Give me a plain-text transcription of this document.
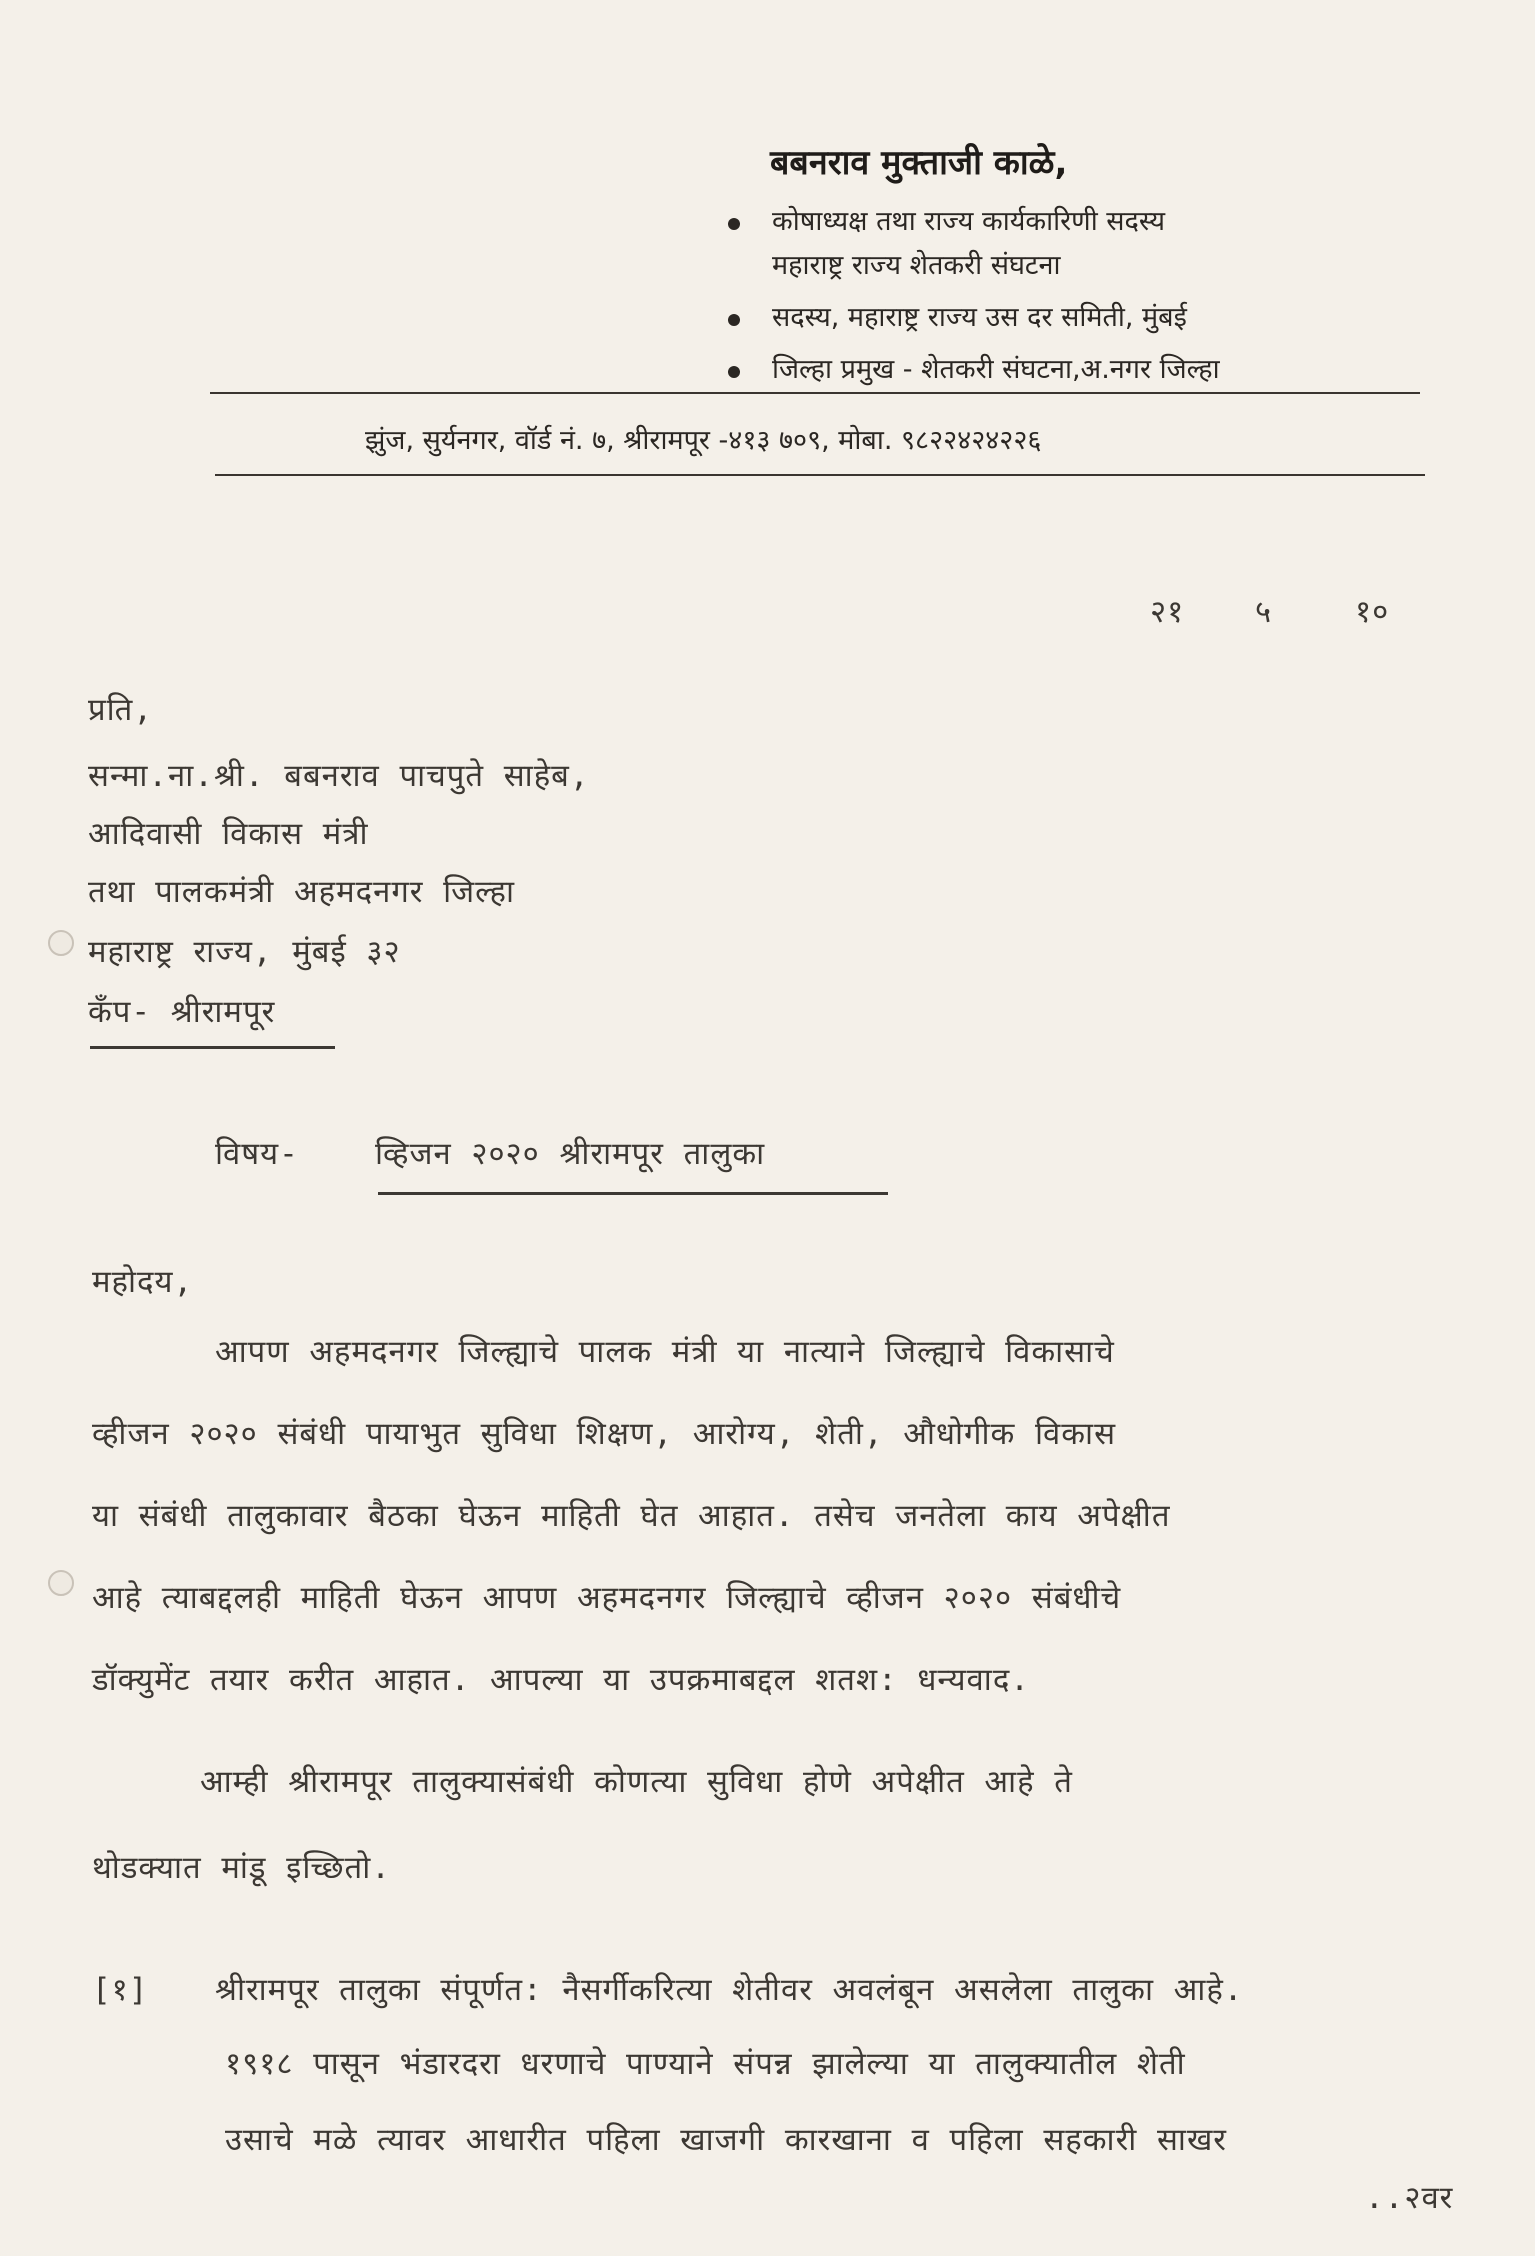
बबनराव मुक्ताजी काळे,
कोषाध्यक्ष तथा राज्य कार्यकारिणी सदस्य
महाराष्ट्र राज्य शेतकरी संघटना
सदस्य, महाराष्ट्र राज्य उस दर समिती, मुंबई
जिल्हा प्रमुख - शेतकरी संघटना,अ.नगर जिल्हा
झुंज, सुर्यनगर, वॉर्ड नं. ७, श्रीरामपूर -४१३ ७०९, मोबा. ९८२२४२४२२६
२१ ५	१०
प्रति,
सन्मा.ना.श्री. बबनराव पाचपुते साहेब,
आदिवासी विकास मंत्री
तथा पालकमंत्री अहमदनगर जिल्हा
महाराष्ट्र राज्य, मुंबई ३२
कँप- श्रीरामपूर
विषय- व्हिजन २०२० श्रीरामपूर तालुका
महोदय,
आपण अहमदनगर जिल्ह्याचे पालक मंत्री या नात्याने जिल्ह्याचे विकासाचे
व्हीजन २०२० संबंधी पायाभुत सुविधा शिक्षण, आरोग्य, शेती, औधोगीक विकास
या संबंधी तालुकावार बैठका घेऊन माहिती घेत आहात. तसेच जनतेला काय अपेक्षीत
आहे त्याबद्दलही माहिती घेऊन आपण अहमदनगर जिल्ह्याचे व्हीजन २०२० संबंधीचे
डॉक्युमेंट तयार करीत आहात. आपल्या या उपक्रमाबद्दल शतश: धन्यवाद.
आम्ही श्रीरामपूर तालुक्यासंबंधी कोणत्या सुविधा होणे अपेक्षीत आहे ते
थोडक्यात मांडू इच्छितो.
[१] श्रीरामपूर तालुका संपूर्णत: नैसर्गीकरित्या शेतीवर अवलंबून असलेला तालुका आहे.
१९१८ पासून भंडारदरा धरणाचे पाण्याने संपन्न झालेल्या या तालुक्यातील शेती
उसाचे मळे त्यावर आधारीत पहिला खाजगी कारखाना व पहिला सहकारी साखर
..२वर
